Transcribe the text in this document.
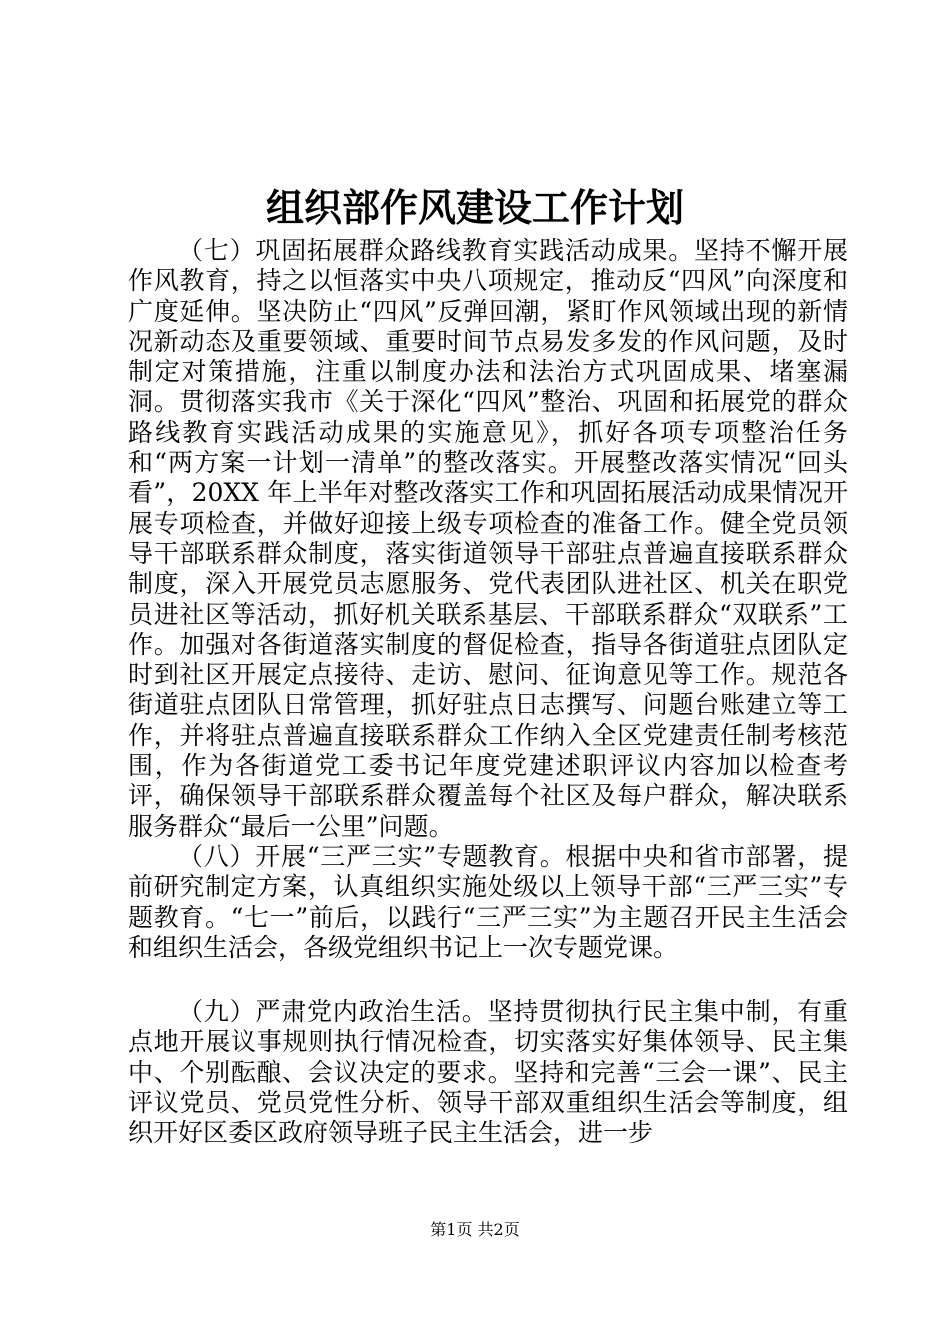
组织部作风建设工作计划

（七）巩固拓展群众路线教育实践活动成果。坚持不懈开展作风教育，持之以恒落实中央八项规定，推动反“四风”向深度和广度延伸。坚决防止“四风”反弹回潮，紧盯作风领域出现的新情况新动态及重要领域、重要时间节点易发多发的作风问题，及时制定对策措施，注重以制度办法和法治方式巩固成果、堵塞漏洞。贯彻落实我市《关于深化“四风”整治、巩固和拓展党的群众路线教育实践活动成果的实施意见》，抓好各项专项整治任务和“两方案一计划一清单”的整改落实。开展整改落实情况“回头看”，20XX 年上半年对整改落实工作和巩固拓展活动成果情况开展专项检查，并做好迎接上级专项检查的准备工作。健全党员领导干部联系群众制度，落实街道领导干部驻点普遍直接联系群众制度，深入开展党员志愿服务、党代表团队进社区、机关在职党员进社区等活动，抓好机关联系基层、干部联系群众“双联系”工作。加强对各街道落实制度的督促检查，指导各街道驻点团队定时到社区开展定点接待、走访、慰问、征询意见等工作。规范各街道驻点团队日常管理，抓好驻点日志撰写、问题台账建立等工作，并将驻点普遍直接联系群众工作纳入全区党建责任制考核范围，作为各街道党工委书记年度党建述职评议内容加以检查考评，确保领导干部联系群众覆盖每个社区及每户群众，解决联系服务群众“最后一公里”问题。

（八）开展“三严三实”专题教育。根据中央和省市部署，提前研究制定方案，认真组织实施处级以上领导干部“三严三实”专题教育。“七一”前后，以践行“三严三实”为主题召开民主生活会和组织生活会，各级党组织书记上一次专题党课。

（九）严肃党内政治生活。坚持贯彻执行民主集中制，有重点地开展议事规则执行情况检查，切实落实好集体领导、民主集中、个别酝酿、会议决定的要求。坚持和完善“三会一课”、民主评议党员、党员党性分析、领导干部双重组织生活会等制度，组织开好区委区政府领导班子民主生活会，进一步

第1页 共2页
